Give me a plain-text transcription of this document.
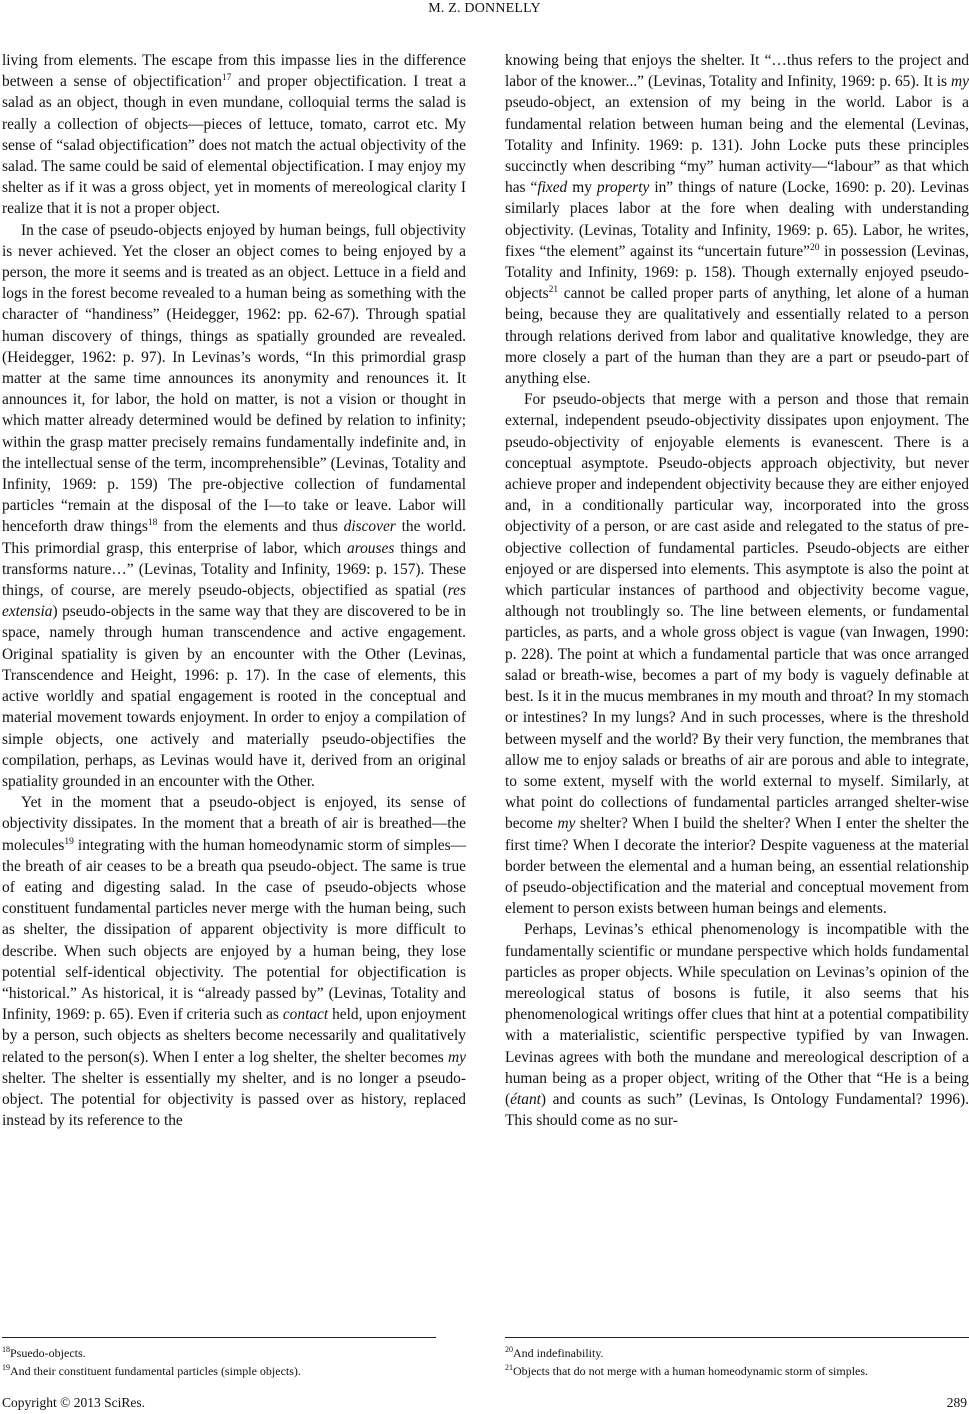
M. Z. DONNELLY

living from elements. The escape from this impasse lies in the difference between a sense of objectification$^{17}$ and proper objectification. I treat a salad as an object, though in even mundane, colloquial terms the salad is really a collection of objects—pieces of lettuce, tomato, carrot etc. My sense of “salad objectification” does not match the actual objectivity of the salad. The same could be said of elemental objectification. I may enjoy my shelter as if it was a gross object, yet in moments of mereological clarity I realize that it is not a proper object.

In the case of pseudo-objects enjoyed by human beings, full objectivity is never achieved. Yet the closer an object comes to being enjoyed by a person, the more it seems and is treated as an object. Lettuce in a field and logs in the forest become revealed to a human being as something with the character of “handiness” (Heidegger, 1962: pp. 62-67). Through spatial human discovery of things, things as spatially grounded are revealed. (Heidegger, 1962: p. 97). In Levinas’s words, “In this primordial grasp matter at the same time announces its anonymity and renounces it. It announces it, for labor, the hold on matter, is not a vision or thought in which matter already determined would be defined by relation to infinity; within the grasp matter precisely remains fundamentally indefinite and, in the intellectual sense of the term, incomprehensible” (Levinas, Totality and Infinity, 1969: p. 159) The pre-objective collection of fundamental particles “remain at the disposal of the I—to take or leave. Labor will henceforth draw things$^{18}$ from the elements and thus discover the world. This primordial grasp, this enterprise of labor, which arouses things and transforms nature…” (Levinas, Totality and Infinity, 1969: p. 157). These things, of course, are merely pseudo-objects, objectified as spatial (res extensia) pseudo-objects in the same way that they are discovered to be in space, namely through human transcendence and active engagement. Original spatiality is given by an encounter with the Other (Levinas, Transcendence and Height, 1996: p. 17). In the case of elements, this active worldly and spatial engagement is rooted in the conceptual and material movement towards enjoyment. In order to enjoy a compilation of simple objects, one actively and materially pseudo-objectifies the compilation, perhaps, as Levinas would have it, derived from an original spatiality grounded in an encounter with the Other.

Yet in the moment that a pseudo-object is enjoyed, its sense of objectivity dissipates. In the moment that a breath of air is breathed—the molecules$^{19}$ integrating with the human homeodynamic storm of simples—the breath of air ceases to be a breath qua pseudo-object. The same is true of eating and digesting salad. In the case of pseudo-objects whose constituent fundamental particles never merge with the human being, such as shelter, the dissipation of apparent objectivity is more difficult to describe. When such objects are enjoyed by a human being, they lose potential self-identical objectivity. The potential for objectification is “historical.” As historical, it is “already passed by” (Levinas, Totality and Infinity, 1969: p. 65). Even if criteria such as contact held, upon enjoyment by a person, such objects as shelters become necessarily and qualitatively related to the person(s). When I enter a log shelter, the shelter becomes my shelter. The shelter is essentially my shelter, and is no longer a pseudo-object. The potential for objectivity is passed over as history, replaced instead by its reference to the

knowing being that enjoys the shelter. It “…thus refers to the project and labor of the knower...” (Levinas, Totality and Infinity, 1969: p. 65). It is my pseudo-object, an extension of my being in the world. Labor is a fundamental relation between human being and the elemental (Levinas, Totality and Infinity. 1969: p. 131). John Locke puts these principles succinctly when describing “my” human activity—“labour” as that which has “fixed my property in” things of nature (Locke, 1690: p. 20). Levinas similarly places labor at the fore when dealing with understanding objectivity. (Levinas, Totality and Infinity, 1969: p. 65). Labor, he writes, fixes “the element” against its “uncertain future”$^{20}$ in possession (Levinas, Totality and Infinity, 1969: p. 158). Though externally enjoyed pseudo-objects$^{21}$ cannot be called proper parts of anything, let alone of a human being, because they are qualitatively and essentially related to a person through relations derived from labor and qualitative knowledge, they are more closely a part of the human than they are a part or pseudo-part of anything else.

For pseudo-objects that merge with a person and those that remain external, independent pseudo-objectivity dissipates upon enjoyment. The pseudo-objectivity of enjoyable elements is evanescent. There is a conceptual asymptote. Pseudo-objects approach objectivity, but never achieve proper and independent objectivity because they are either enjoyed and, in a conditionally particular way, incorporated into the gross objectivity of a person, or are cast aside and relegated to the status of pre-objective collection of fundamental particles. Pseudo-objects are either enjoyed or are dispersed into elements. This asymptote is also the point at which particular instances of parthood and objectivity become vague, although not troublingly so. The line between elements, or fundamental particles, as parts, and a whole gross object is vague (van Inwagen, 1990: p. 228). The point at which a fundamental particle that was once arranged salad or breath-wise, becomes a part of my body is vaguely definable at best. Is it in the mucus membranes in my mouth and throat? In my stomach or intestines? In my lungs? And in such processes, where is the threshold between myself and the world? By their very function, the membranes that allow me to enjoy salads or breaths of air are porous and able to integrate, to some extent, myself with the world external to myself. Similarly, at what point do collections of fundamental particles arranged shelter-wise become my shelter? When I build the shelter? When I enter the shelter the first time? When I decorate the interior? Despite vagueness at the material border between the elemental and a human being, an essential relationship of pseudo-objectification and the material and conceptual movement from element to person exists between human beings and elements.

Perhaps, Levinas’s ethical phenomenology is incompatible with the fundamentally scientific or mundane perspective which holds fundamental particles as proper objects. While speculation on Levinas’s opinion of the mereological status of bosons is futile, it also seems that his phenomenological writings offer clues that hint at a potential compatibility with a materialistic, scientific perspective typified by van Inwagen. Levinas agrees with both the mundane and mereological description of a human being as a proper object, writing of the Other that “He is a being (étant) and counts as such” (Levinas, Is Ontology Fundamental? 1996). This should come as no sur-

$^{18}$Psuedo-objects.
$^{19}$And their constituent fundamental particles (simple objects).
$^{20}$And indefinability.
$^{21}$Objects that do not merge with a human homeodynamic storm of simples.
Copyright © 2013 SciRes.	289
